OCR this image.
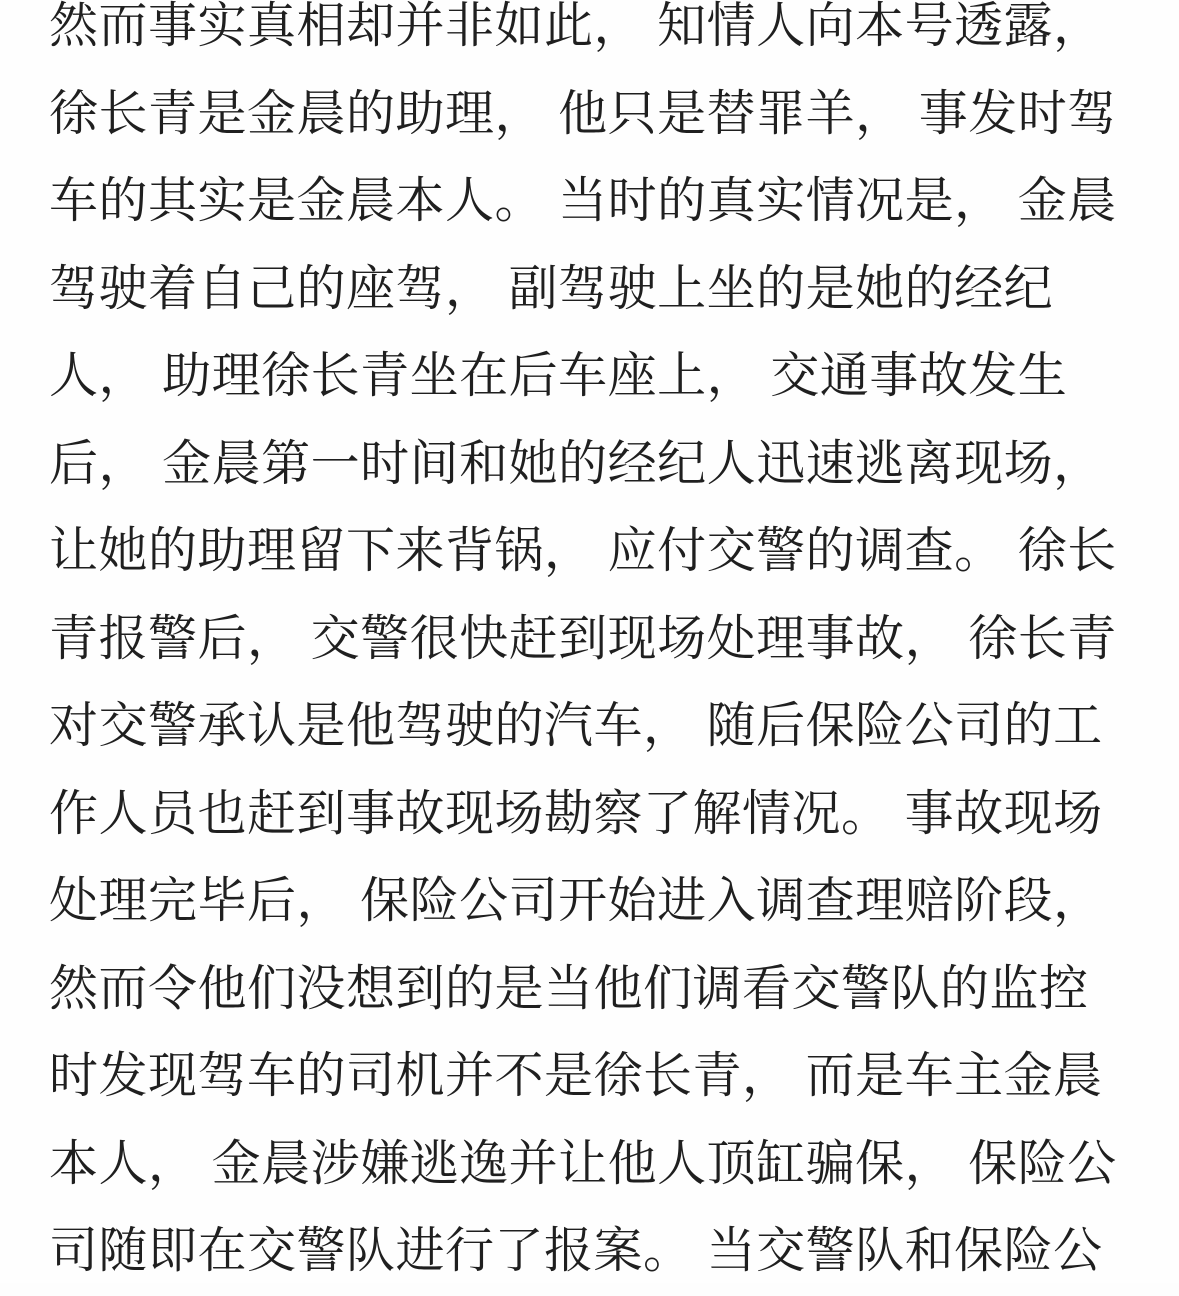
然而事实真相却并非如此， 知情人向本号透露，
徐长青是金晨的助理， 他只是替罪羊， 事发时驾
车的其实是金晨本人。 当时的真实情况是， 金晨
驾驶着自己的座驾， 副驾驶上坐的是她的经纪
人， 助理徐长青坐在后车座上， 交通事故发生
后， 金晨第一时间和她的经纪人迅速逃离现场，
让她的助理留下来背锅， 应付交警的调查。 徐长
青报警后， 交警很快赶到现场处理事故， 徐长青
对交警承认是他驾驶的汽车， 随后保险公司的工
作人员也赶到事故现场勘察了解情况。 事故现场
处理完毕后， 保险公司开始进入调查理赔阶段，
然而令他们没想到的是当他们调看交警队的监控
时发现驾车的司机并不是徐长青， 而是车主金晨
本人， 金晨涉嫌逃逸并让他人顶缸骗保， 保险公
司随即在交警队进行了报案。 当交警队和保险公
